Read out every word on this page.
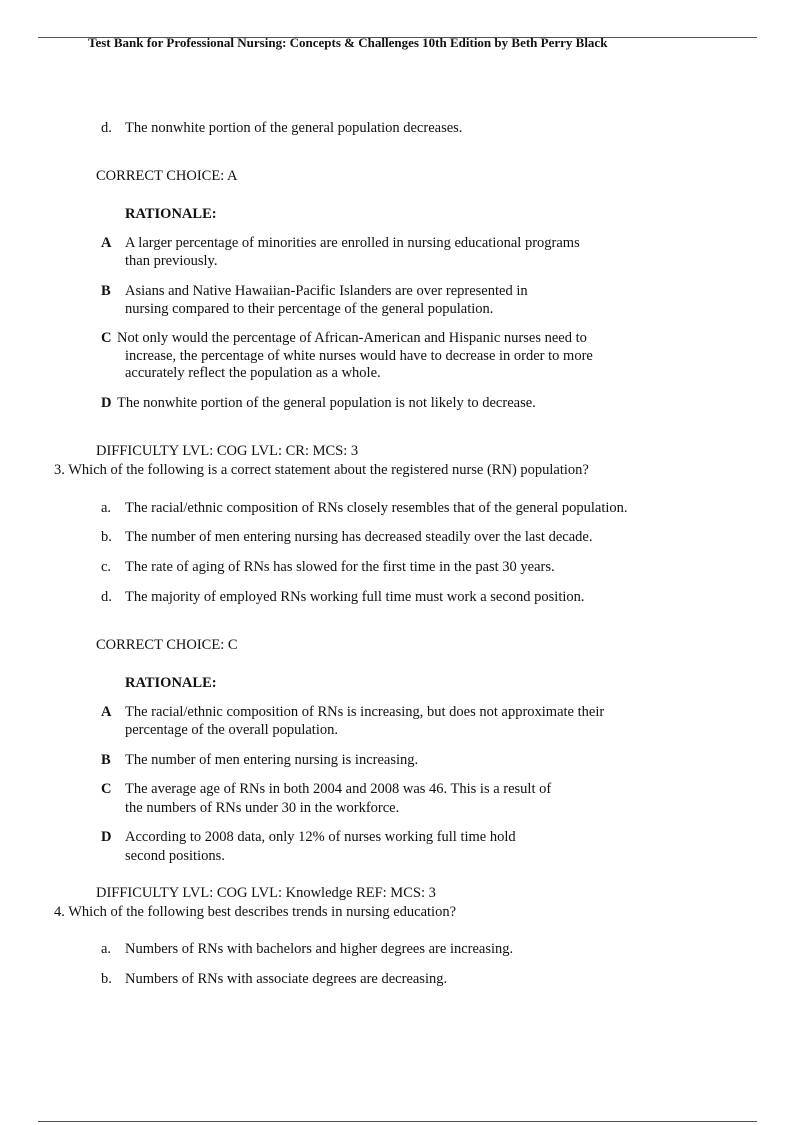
Test Bank for Professional Nursing: Concepts & Challenges 10th Edition by Beth Perry Black
d. The nonwhite portion of the general population decreases.
CORRECT CHOICE: A
RATIONALE:
A A larger percentage of minorities are enrolled in nursing educational programs
than previously.
B Asians and Native Hawaiian-Pacific Islanders are over represented in
nursing compared to their percentage of the general population.
C Not only would the percentage of African-American and Hispanic nurses need to
increase, the percentage of white nurses would have to decrease in order to more
accurately reflect the population as a whole.
D The nonwhite portion of the general population is not likely to decrease.
DIFFICULTY LVL: COG LVL: CR: MCS: 3
3. Which of the following is a correct statement about the registered nurse (RN) population?
a. The racial/ethnic composition of RNs closely resembles that of the general population.
b. The number of men entering nursing has decreased steadily over the last decade.
c. The rate of aging of RNs has slowed for the first time in the past 30 years.
d. The majority of employed RNs working full time must work a second position.
CORRECT CHOICE: C
RATIONALE:
A The racial/ethnic composition of RNs is increasing, but does not approximate their
percentage of the overall population.
B The number of men entering nursing is increasing.
C The average age of RNs in both 2004 and 2008 was 46. This is a result of
the numbers of RNs under 30 in the workforce.
D According to 2008 data, only 12% of nurses working full time hold
second positions.
DIFFICULTY LVL: COG LVL: Knowledge REF: MCS: 3
4. Which of the following best describes trends in nursing education?
a. Numbers of RNs with bachelors and higher degrees are increasing.
b. Numbers of RNs with associate degrees are decreasing.
